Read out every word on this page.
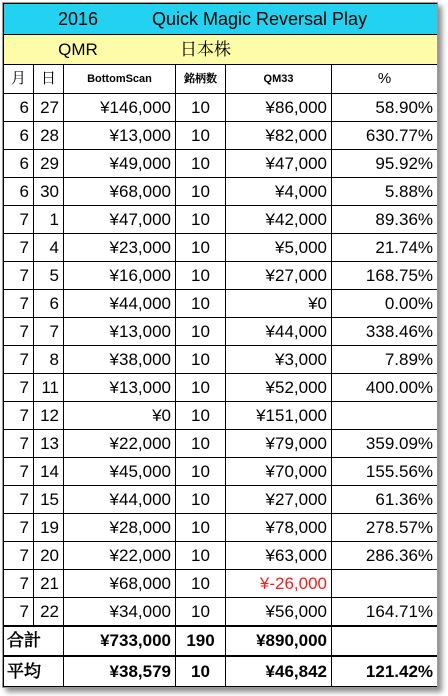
2016 Quick Magic Reversal Play					

QMR 日本株					

月	日	BottomScan	銘柄数	QM33	%
6	27	¥146,000	10	¥86,000	58.90%
6	28	¥13,000	10	¥82,000	630.77%
6	29	¥49,000	10	¥47,000	95.92%
6	30	¥68,000	10	¥4,000	5.88%
7	1	¥47,000	10	¥42,000	89.36%
7	4	¥23,000	10	¥5,000	21.74%
7	5	¥16,000	10	¥27,000	168.75%
7	6	¥44,000	10	¥0	0.00%
7	7	¥13,000	10	¥44,000	338.46%
7	8	¥38,000	10	¥3,000	7.89%
7	11	¥13,000	10	¥52,000	400.00%
7	12	¥0	10	¥151,000	
7	13	¥22,000	10	¥79,000	359.09%
7	14	¥45,000	10	¥70,000	155.56%
7	15	¥44,000	10	¥27,000	61.36%
7	19	¥28,000	10	¥78,000	278.57%
7	20	¥22,000	10	¥63,000	286.36%
7	21	¥68,000	10	¥-26,000	
7	22	¥34,000	10	¥56,000	164.71%
合計		¥733,000	190	¥890,000	
平均		¥38,579	10	¥46,842	121.42%
